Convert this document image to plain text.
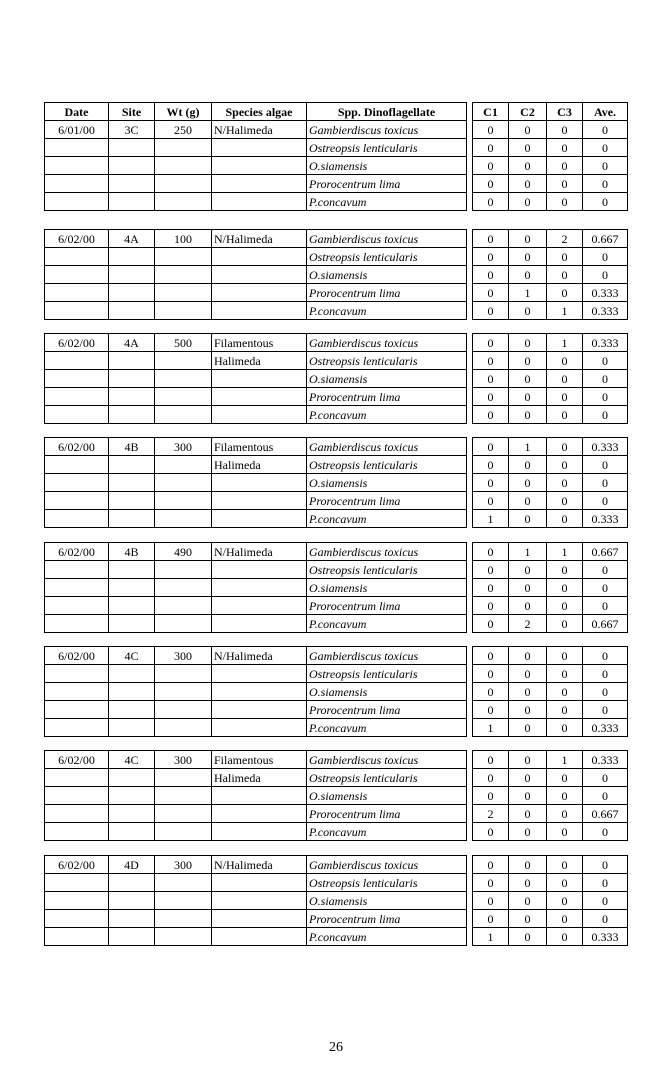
Date	Site	Wt (g)	Species algae	Spp. Dinoflagellate		C1	C2	C3	Ave.
6/01/00	3C	250	N/Halimeda	Gambierdiscus toxicus		0	0	0	0
				Ostreopsis lenticularis		0	0	0	0
				O.siamensis		0	0	0	0
				Prorocentrum lima		0	0	0	0
				P.concavum		0	0	0	0
6/02/00	4A	100	N/Halimeda	Gambierdiscus toxicus		0	0	2	0.667
				Ostreopsis lenticularis		0	0	0	0
				O.siamensis		0	0	0	0
				Prorocentrum lima		0	1	0	0.333
				P.concavum		0	0	1	0.333
6/02/00	4A	500	Filamentous	Gambierdiscus toxicus		0	0	1	0.333
			Halimeda	Ostreopsis lenticularis		0	0	0	0
				O.siamensis		0	0	0	0
				Prorocentrum lima		0	0	0	0
				P.concavum		0	0	0	0
6/02/00	4B	300	Filamentous	Gambierdiscus toxicus		0	1	0	0.333
			Halimeda	Ostreopsis lenticularis		0	0	0	0
				O.siamensis		0	0	0	0
				Prorocentrum lima		0	0	0	0
				P.concavum		1	0	0	0.333
6/02/00	4B	490	N/Halimeda	Gambierdiscus toxicus		0	1	1	0.667
				Ostreopsis lenticularis		0	0	0	0
				O.siamensis		0	0	0	0
				Prorocentrum lima		0	0	0	0
				P.concavum		0	2	0	0.667
6/02/00	4C	300	N/Halimeda	Gambierdiscus toxicus		0	0	0	0
				Ostreopsis lenticularis		0	0	0	0
				O.siamensis		0	0	0	0
				Prorocentrum lima		0	0	0	0
				P.concavum		1	0	0	0.333
6/02/00	4C	300	Filamentous	Gambierdiscus toxicus		0	0	1	0.333
			Halimeda	Ostreopsis lenticularis		0	0	0	0
				O.siamensis		0	0	0	0
				Prorocentrum lima		2	0	0	0.667
				P.concavum		0	0	0	0
6/02/00	4D	300	N/Halimeda	Gambierdiscus toxicus		0	0	0	0
				Ostreopsis lenticularis		0	0	0	0
				O.siamensis		0	0	0	0
				Prorocentrum lima		0	0	0	0
				P.concavum		1	0	0	0.333
26
